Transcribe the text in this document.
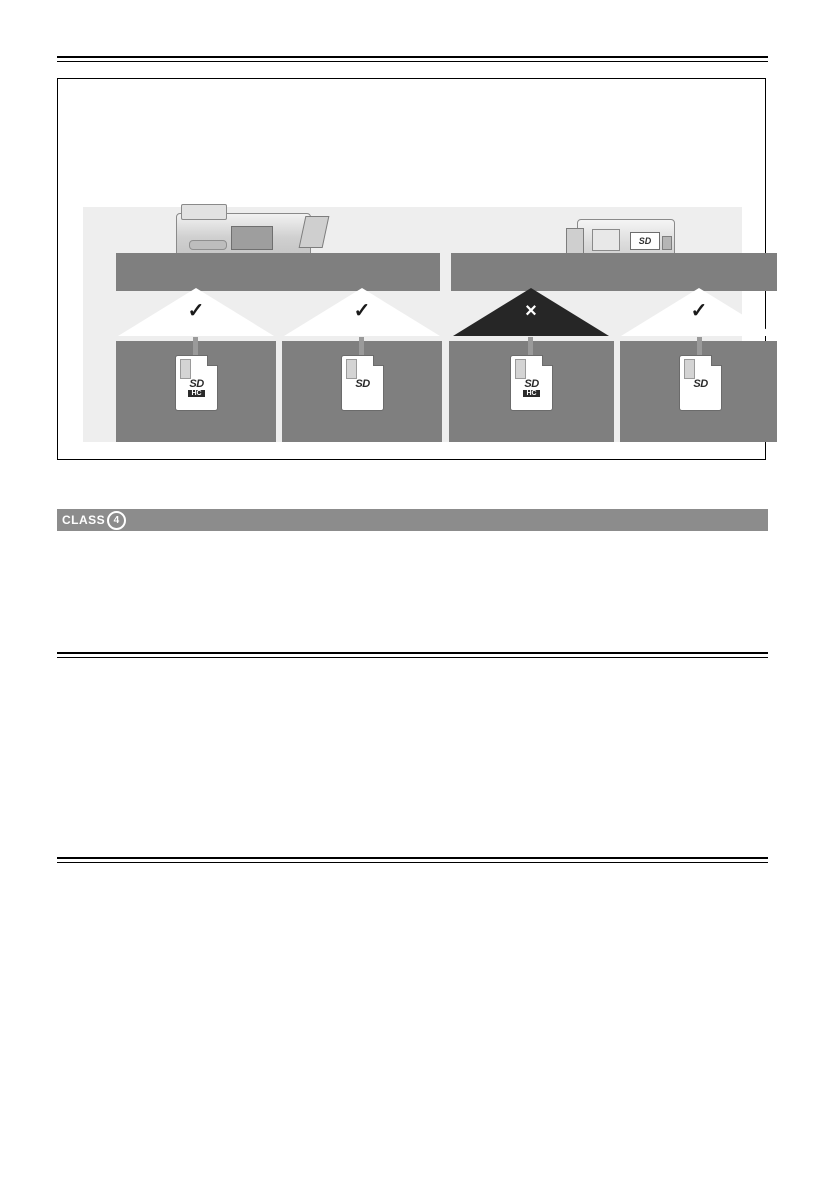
SD
✓	✓	×	✓
SD
HC
SD	SD
HC
SD
CLASS 4
